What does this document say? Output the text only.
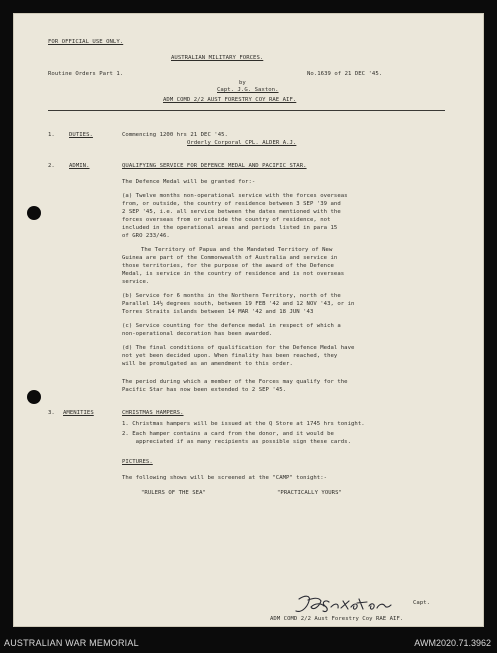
FOR OFFICIAL USE ONLY.
AUSTRALIAN MILITARY FORCES.
Routine Orders Part 1.	No.1639 of 21 DEC '45.
by
Capt. J.G. Saxton.
ADM COMD 2/2 AUST FORESTRY COY RAE AIF.
1.	DUTIES.	Commencing 1200 hrs 21 DEC '45.
Orderly Corporal CPL. ALDER A.J.
2.	ADMIN.	QUALIFYING SERVICE FOR DEFENCE MEDAL AND PACIFIC STAR.
The Defence Medal will be granted for:-
(a) Twelve months non-operational service with the forces overseas
from, or outside, the country of residence between 3 SEP '39 and
2 SEP '45, i.e. all service between the dates mentioned with the
forces overseas from or outside the country of residence, not
included in the operational areas and periods listed in para 15
of GRO 233/46.
The Territory of Papua and the Mandated Territory of New
Guinea are part of the Commonwealth of Australia and service in
those territories, for the purpose of the award of the Defence
Medal, is service in the country of residence and is not overseas
service.
(b) Service for 6 months in the Northern Territory, north of the
Parallel 14½ degrees south, between 19 FEB '42 and 12 NOV '43, or in
Torres Straits islands between 14 MAR '42 and 18 JUN '43
(c) Service counting for the defence medal in respect of which a
non-operational decoration has been awarded.
(d) The final conditions of qualification for the Defence Medal have
not yet been decided upon. When finality has been reached, they
will be promulgated as an amendment to this order.
The period during which a member of the Forces may qualify for the
Pacific Star has now been extended to 2 SEP '45.
3. AMENITIES	CHRISTMAS HAMPERS.
1. Christmas hampers will be issued at the Q Store at 1745 hrs tonight.
2. Each hamper contains a card from the donor, and it would be
appreciated if as many recipients as possible sign these cards.
PICTURES.
The following shows will be screened at the "CAMP" tonight:-
"RULERS OF THE SEA"	"PRACTICALLY YOURS"
Capt.
ADM COMD 2/2 Aust Forestry Coy RAE AIF.
AUSTRALIAN WAR MEMORIAL	AWM2020.71.3962
